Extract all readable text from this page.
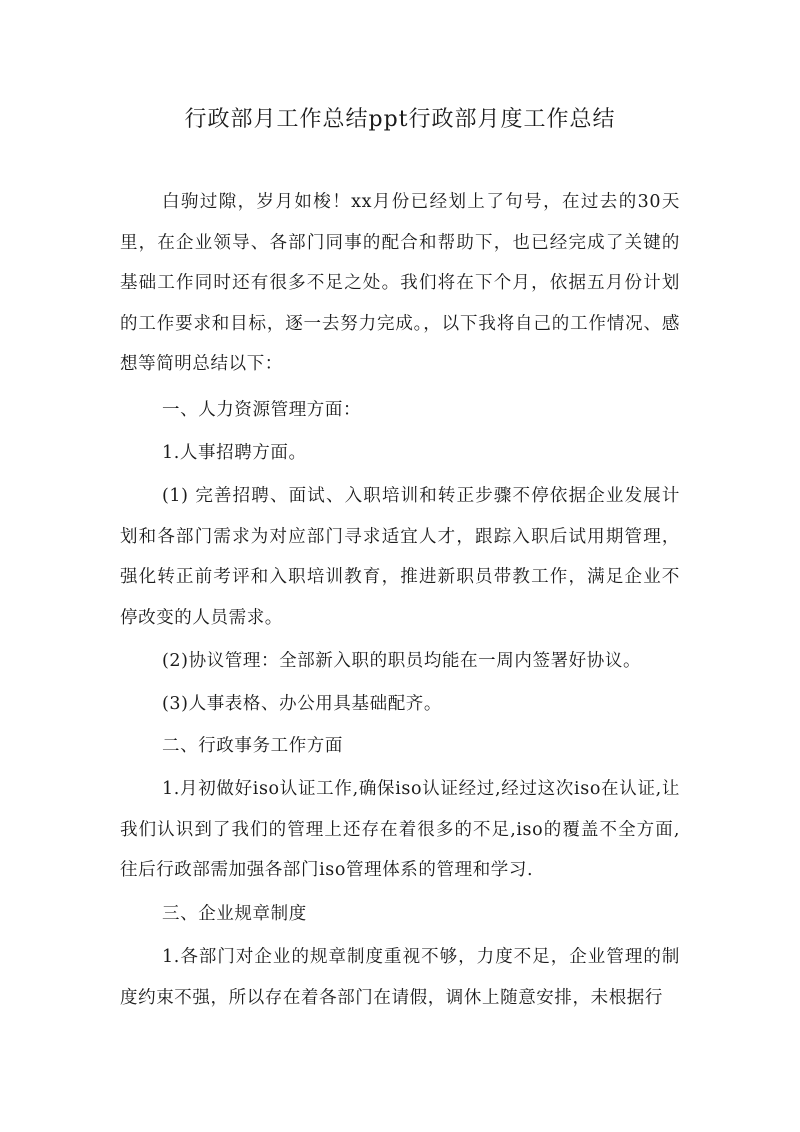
行政部月工作总结ppt行政部月度工作总结

白驹过隙，岁月如梭！xx月份已经划上了句号，在过去的30天里，在企业领导、各部门同事的配合和帮助下，也已经完成了关键的基础工作同时还有很多不足之处。我们将在下个月，依据五月份计划的工作要求和目标，逐一去努力完成。，以下我将自己的工作情况、感想等简明总结以下：

一、人力资源管理方面：

1.人事招聘方面。

(1) 完善招聘、面试、入职培训和转正步骤不停依据企业发展计划和各部门需求为对应部门寻求适宜人才，跟踪入职后试用期管理，强化转正前考评和入职培训教育，推进新职员带教工作，满足企业不停改变的人员需求。

(2)协议管理：全部新入职的职员均能在一周内签署好协议。

(3)人事表格、办公用具基础配齐。

二、行政事务工作方面

1.月初做好iso认证工作,确保iso认证经过,经过这次iso在认证,让我们认识到了我们的管理上还存在着很多的不足,iso的覆盖不全方面,往后行政部需加强各部门iso管理体系的管理和学习.

三、企业规章制度

1.各部门对企业的规章制度重视不够，力度不足，企业管理的制度约束不强，所以存在着各部门在请假，调休上随意安排，未根据行
